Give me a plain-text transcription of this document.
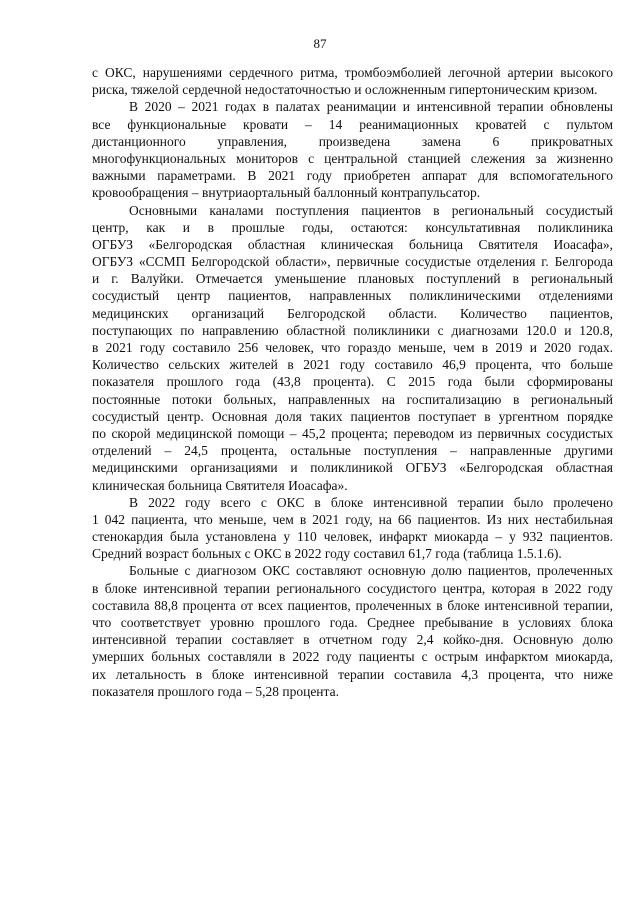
87
с ОКС, нарушениями сердечного ритма, тромбоэмболией легочной артерии высокого
риска, тяжелой сердечной недостаточностью и осложненным гипертоническим кризом.
В 2020 – 2021 годах в палатах реанимации и интенсивной терапии обновлены
все функциональные кровати – 14 реанимационных кроватей с пультом
дистанционного управления, произведена замена 6 прикроватных
многофункциональных мониторов с центральной станцией слежения за жизненно
важными параметрами. В 2021 году приобретен аппарат для вспомогательного
кровообращения – внутриаортальный баллонный контрапульсатор.
Основными каналами поступления пациентов в региональный сосудистый
центр, как и в прошлые годы, остаются: консультативная поликлиника
ОГБУЗ «Белгородская областная клиническая больница Святителя Иоасафа»,
ОГБУЗ «ССМП Белгородской области», первичные сосудистые отделения г. Белгорода
и г. Валуйки. Отмечается уменьшение плановых поступлений в региональный
сосудистый центр пациентов, направленных поликлиническими отделениями
медицинских организаций Белгородской области. Количество пациентов,
поступающих по направлению областной поликлиники с диагнозами 120.0 и 120.8,
в 2021 году составило 256 человек, что гораздо меньше, чем в 2019 и 2020 годах.
Количество сельских жителей в 2021 году составило 46,9 процента, что больше
показателя прошлого года (43,8 процента). С 2015 года были сформированы
постоянные потоки больных, направленных на госпитализацию в региональный
сосудистый центр. Основная доля таких пациентов поступает в ургентном порядке
по скорой медицинской помощи – 45,2 процента; переводом из первичных сосудистых
отделений – 24,5 процента, остальные поступления – направленные другими
медицинскими организациями и поликлиникой ОГБУЗ «Белгородская областная
клиническая больница Святителя Иоасафа».
В 2022 году всего с ОКС в блоке интенсивной терапии было пролечено
1 042 пациента, что меньше, чем в 2021 году, на 66 пациентов. Из них нестабильная
стенокардия была установлена у 110 человек, инфаркт миокарда – у 932 пациентов.
Средний возраст больных с ОКС в 2022 году составил 61,7 года (таблица 1.5.1.6).
Больные с диагнозом ОКС составляют основную долю пациентов, пролеченных
в блоке интенсивной терапии регионального сосудистого центра, которая в 2022 году
составила 88,8 процента от всех пациентов, пролеченных в блоке интенсивной терапии,
что соответствует уровню прошлого года. Среднее пребывание в условиях блока
интенсивной терапии составляет в отчетном году 2,4 койко-дня. Основную долю
умерших больных составляли в 2022 году пациенты с острым инфарктом миокарда,
их летальность в блоке интенсивной терапии составила 4,3 процента, что ниже
показателя прошлого года – 5,28 процента.
